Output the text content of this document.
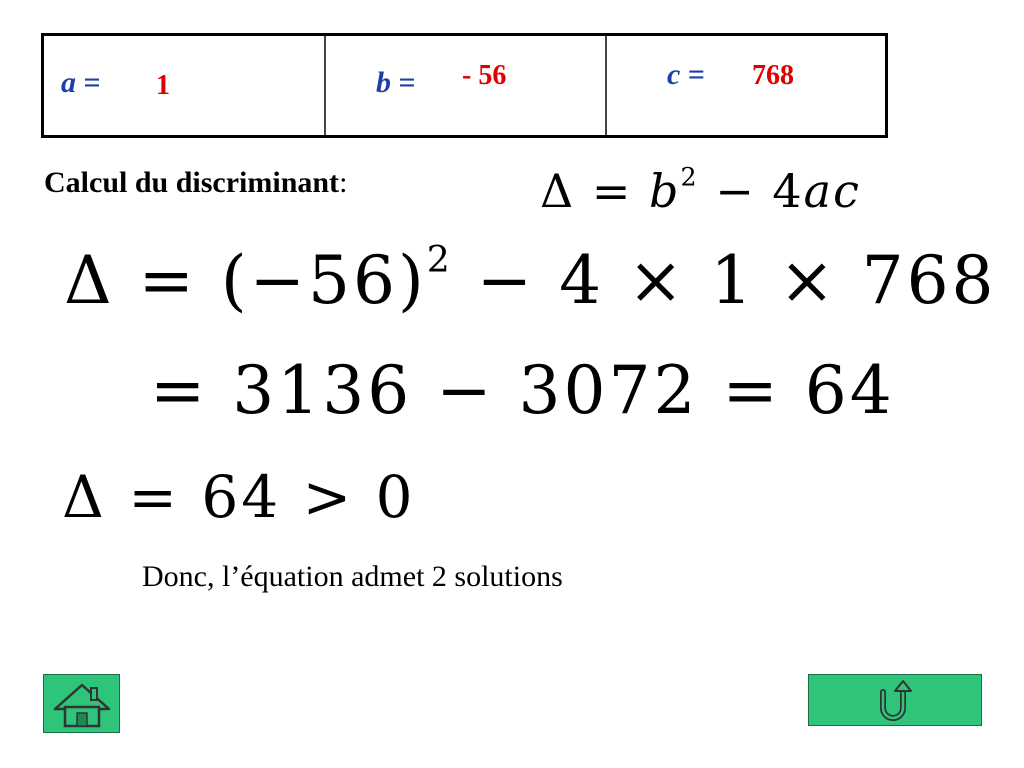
a = 1	b = - 56	c = 768
Calcul du discriminant:	$\Delta = b^2 - 4ac$
$\Delta = (-56)^2 - 4 \times 1 \times 768$
= 3136 − 3072 = 64
Δ = 64 > 0
Donc, l’équation admet 2 solutions
